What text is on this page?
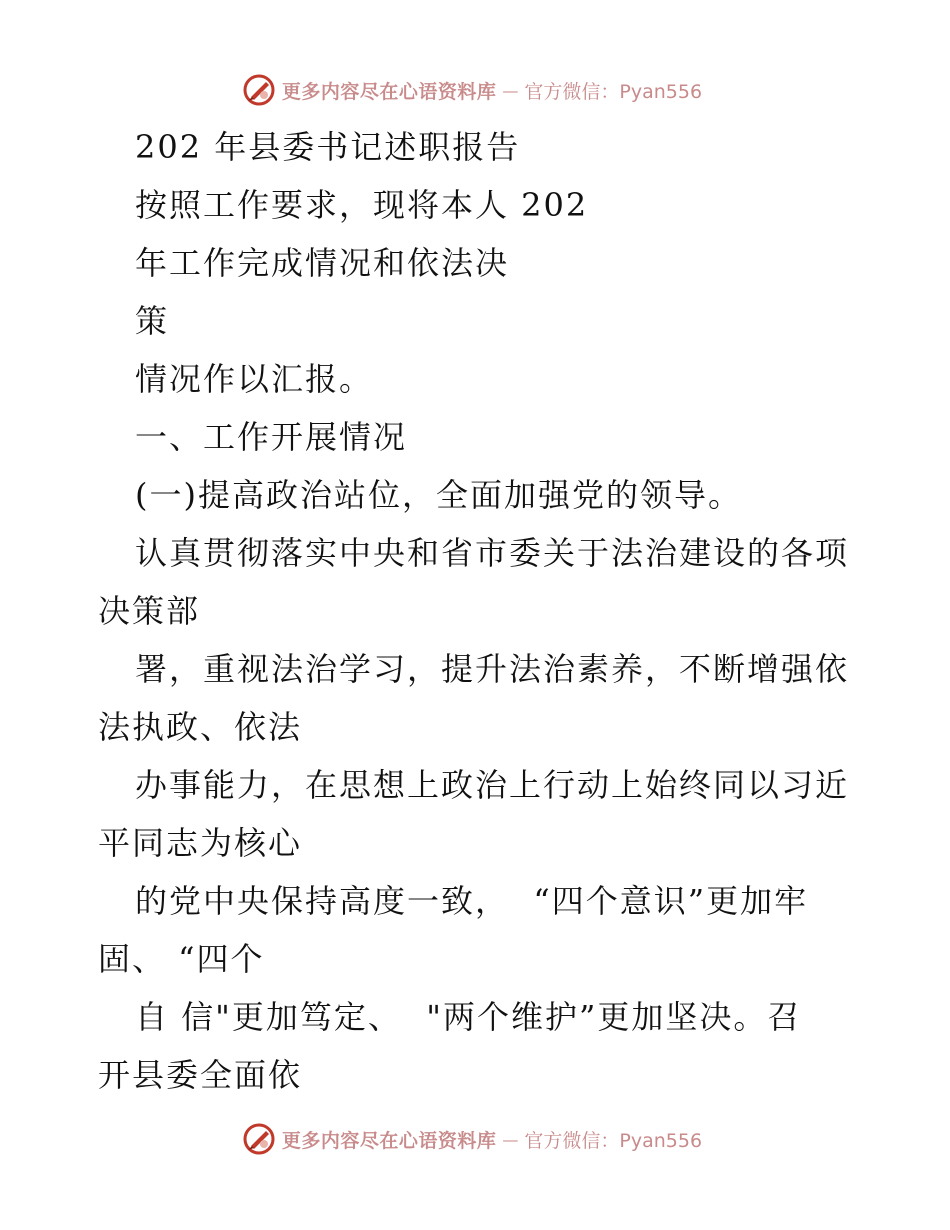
更多内容尽在心语资料库 — 官方微信：Pyan556
202 年县委书记述职报告
按照工作要求，现将本人 202
年工作完成情况和依法决
策
情况作以汇报。
一、工作开展情况
(一)提高政治站位，全面加强党的领导。
认真贯彻落实中央和省市委关于法治建设的各项
决策部
署，重视法治学习，提升法治素养，不断增强依
法执政、依法
办事能力，在思想上政治上行动上始终同以习近
平同志为核心
的党中央保持高度一致，  “四个意识”更加牢
固、 “四个
自 信"更加笃定、  "两个维护”更加坚决。召
开县委全面依
更多内容尽在心语资料库 — 官方微信：Pyan556
